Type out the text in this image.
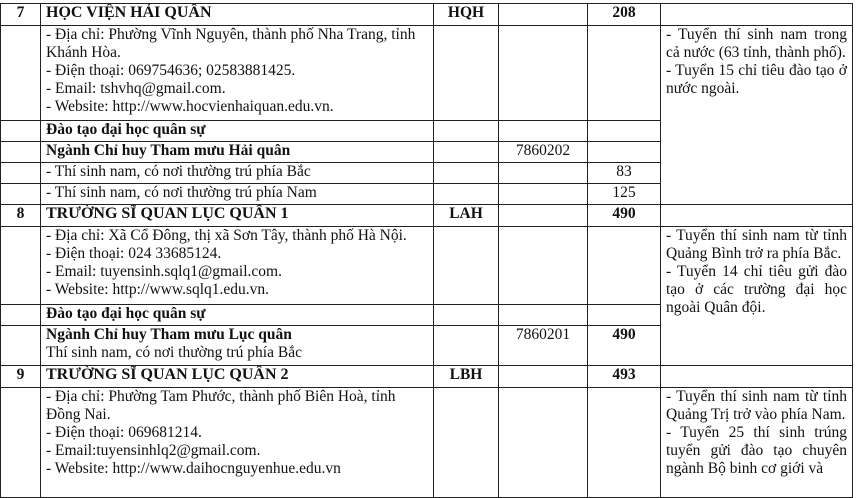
7	HỌC VIỆN HẢI QUÂN	HQH		208	

	- Địa chỉ: Phường Vĩnh Nguyên, thành phố Nha Trang, tỉnh Khánh Hòa.
- Điện thoại: 069754636; 02583881425.
- Email: tshvhq@gmail.com.
- Website: http://www.hocvienhaiquan.edu.vn.				- Tuyển thí sinh nam trong cả nước (63 tỉnh, thành phố).
- Tuyển 15 chỉ tiêu đào tạo ở nước ngoài.

	Đào tạo đại học quân sự				
	Ngành Chỉ huy Tham mưu Hải quân		7860202		
	- Thí sinh nam, có nơi thường trú phía Bắc			83	
	- Thí sinh nam, có nơi thường trú phía Nam			125	
8	TRƯỜNG SĨ QUAN LỤC QUÂN 1	LAH		490	

	- Địa chỉ: Xã Cổ Đông, thị xã Sơn Tây, thành phố Hà Nội.
- Điện thoại: 024 33685124.
- Email: tuyensinh.sqlq1@gmail.com.
- Website: http://www.sqlq1.edu.vn.				- Tuyển thí sinh nam từ tỉnh Quảng Bình trở ra phía Bắc.
- Tuyển 14 chỉ tiêu gửi đào tạo ở các trường đại học ngoài Quân đội.

	Đào tạo đại học quân sự				

	Ngành Chỉ huy Tham mưu Lục quân
Thí sinh nam, có nơi thường trú phía Bắc		7860201	490	
9	TRƯỜNG SĨ QUAN LỤC QUÂN 2	LBH		493	

	- Địa chỉ: Phường Tam Phước, thành phố Biên Hoà, tỉnh Đồng Nai.
- Điện thoại: 069681214.
- Email:tuyensinhlq2@gmail.com.
- Website: http://www.daihocnguyenhue.edu.vn				- Tuyển thí sinh nam từ tỉnh Quảng Trị trở vào phía Nam.
- Tuyển 25 thí sinh trúng tuyển gửi đào tạo chuyên ngành Bộ binh cơ giới và
